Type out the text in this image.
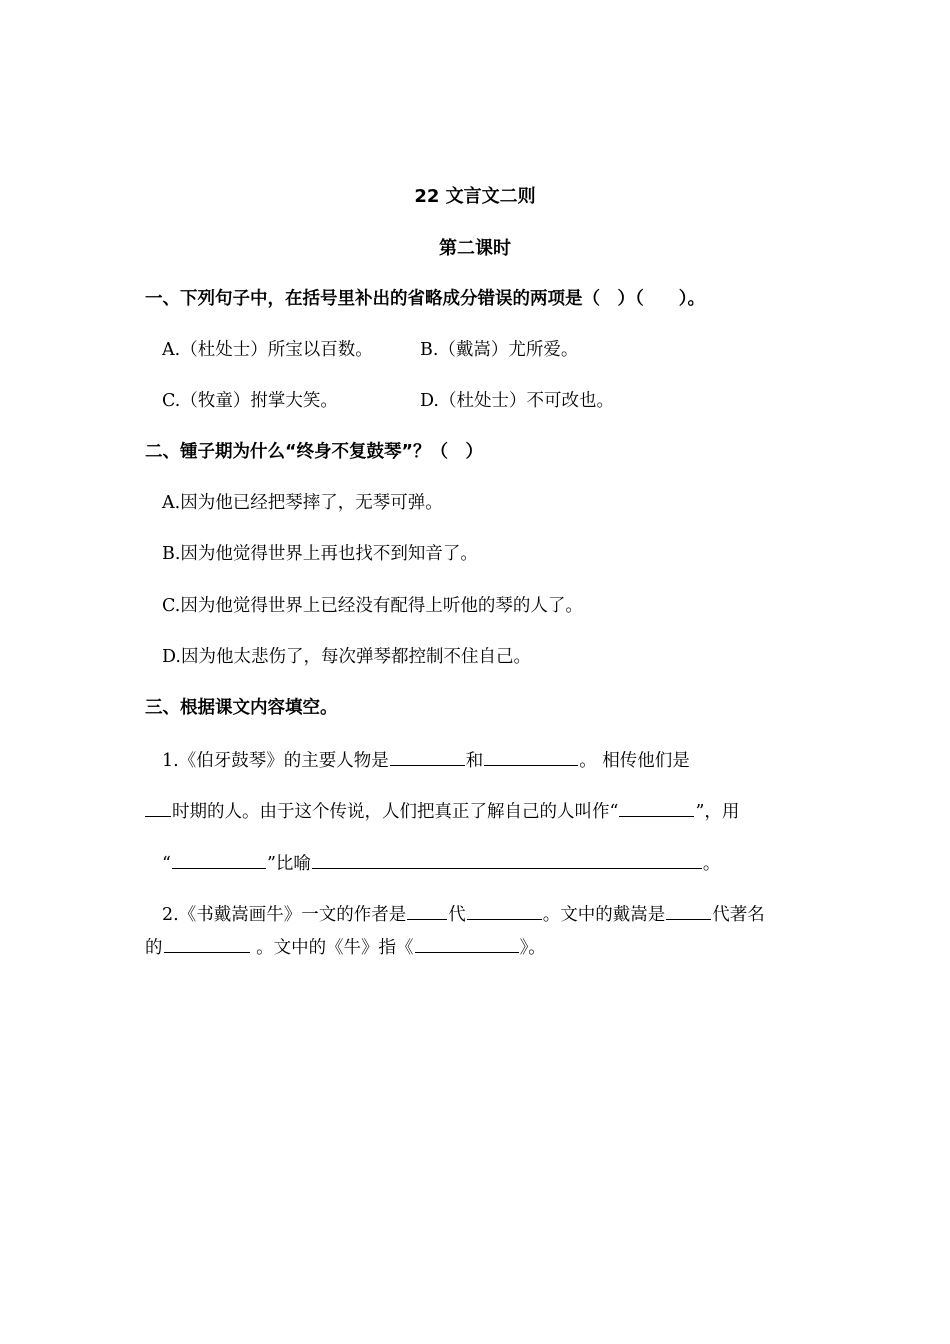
22 文言文二则
第二课时
一、下列句子中，在括号里补出的省略成分错误的两项是（　）（　　）。
A.（杜处士）所宝以百数。	B.（戴嵩）尤所爱。
C.（牧童）拊掌大笑。	D.（杜处士）不可改也。
二、锺子期为什么“终身不复鼓琴”？（　）
A.因为他已经把琴摔了，无琴可弹。
B.因为他觉得世界上再也找不到知音了。
C.因为他觉得世界上已经没有配得上听他的琴的人了。
D.因为他太悲伤了，每次弹琴都控制不住自己。
三、根据课文内容填空。
1.《伯牙鼓琴》的主要人物是	和	。 相传他们是
时期的人。由于这个传说，人们把真正了解自己的人叫作“	”，用
“	”比喻	。
2.《书戴嵩画牛》一文的作者是 代	。文中的戴嵩是	代著名
的	。文中的《牛》指《	》。
